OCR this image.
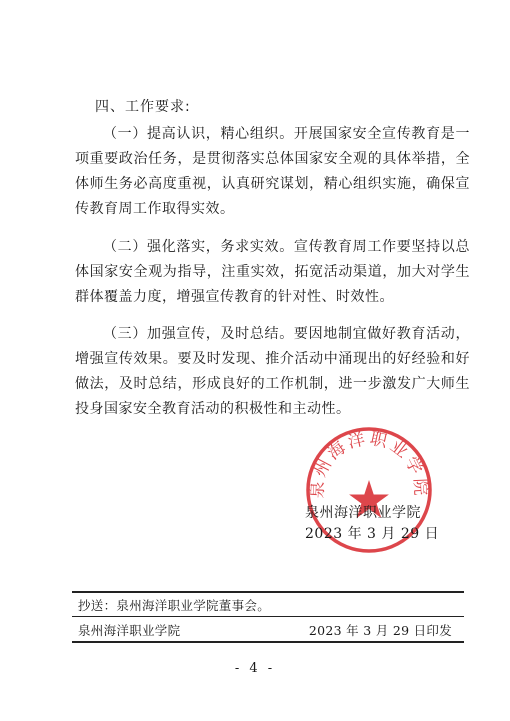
四、工作要求:

（一）提高认识，精心组织。开展国家安全宣传教育是一项重要政治任务，是贯彻落实总体国家安全观的具体举措，全体师生务必高度重视，认真研究谋划，精心组织实施，确保宣传教育周工作取得实效。

（二）强化落实，务求实效。宣传教育周工作要坚持以总体国家安全观为指导，注重实效，拓宽活动渠道，加大对学生群体覆盖力度，增强宣传教育的针对性、时效性。

（三）加强宣传，及时总结。要因地制宜做好教育活动，增强宣传效果。要及时发现、推介活动中涌现出的好经验和好做法，及时总结，形成良好的工作机制，进一步激发广大师生投身国家安全教育活动的积极性和主动性。

泉州海洋职业学院
泉州海洋职业学院
2023 年 3 月 29 日
抄送：泉州海洋职业学院董事会。
泉州海洋职业学院	2023 年 3 月 29 日印发
- 4 -
